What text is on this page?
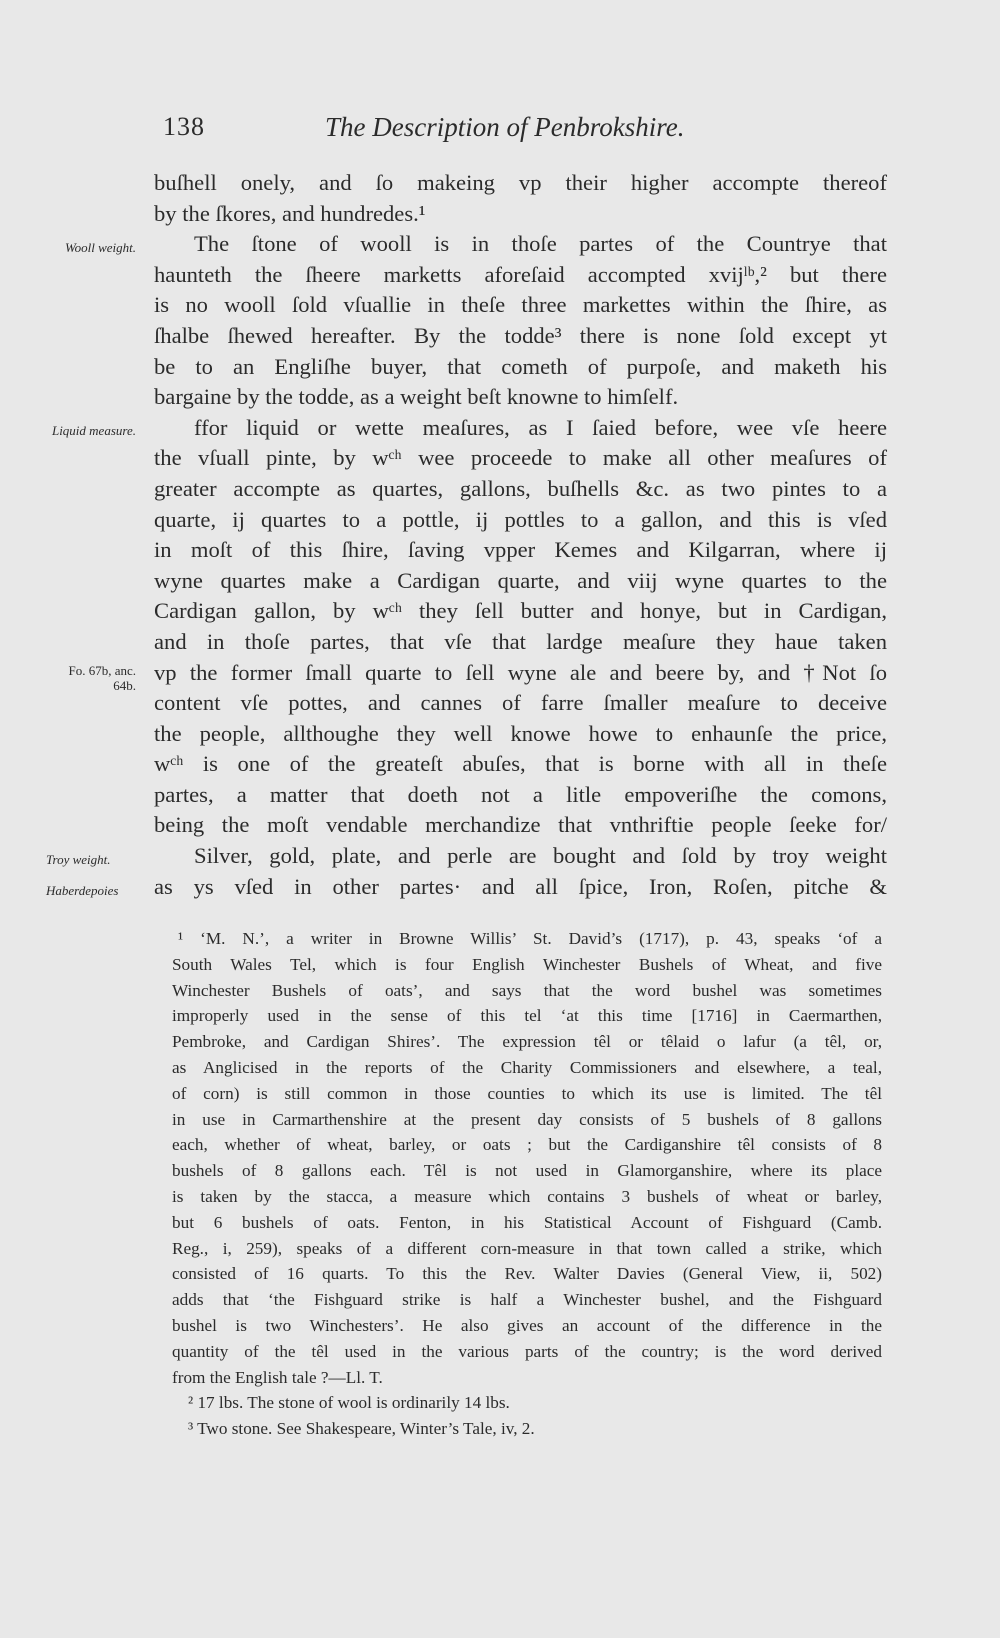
138	The Description of Penbrokshire.
Wooll weight.
Liquid measure.
Fo. 67b, anc. 64b.
Troy weight.
Haberdepoies
buſhell onely, and ſo makeing vp their higher accompte thereof
by the ſkores, and hundredes.¹
The ſtone of wooll is in thoſe partes of the Countrye that
haunteth the ſheere marketts aforeſaid accompted xvijˡᵇ,² but there
is no wooll ſold vſuallie in theſe three markettes within the ſhire, as
ſhalbe ſhewed hereafter. By the todde³ there is none ſold except yt
be to an Engliſhe buyer, that cometh of purpoſe, and maketh his
bargaine by the todde, as a weight beſt knowne to himſelf.
ffor liquid or wette meaſures, as I ſaied before, wee vſe heere
the vſuall pinte, by wᶜʰ wee proceede to make all other meaſures of
greater accompte as quartes, gallons, buſhells &c. as two pintes to a
quarte, ij quartes to a pottle, ij pottles to a gallon, and this is vſed
in moſt of this ſhire, ſaving vpper Kemes and Kilgarran, where ij
wyne quartes make a Cardigan quarte, and viij wyne quartes to the
Cardigan gallon, by wᶜʰ they ſell butter and honye, but in Cardigan,
and in thoſe partes, that vſe that lardge meaſure they haue taken
vp the former ſmall quarte to ſell wyne ale and beere by, and †Not ſo
content vſe pottes, and cannes of farre ſmaller meaſure to deceive
the people, allthoughe they well knowe howe to enhaunſe the price,
wᶜʰ is one of the greateſt abuſes, that is borne with all in theſe
partes, a matter that doeth not a litle empoveriſhe the comons,
being the moſt vendable merchandize that vnthriftie people ſeeke for/
Silver, gold, plate, and perle are bought and ſold by troy weight
as ys vſed in other partes· and all ſpice, Iron, Roſen, pitche &
¹ ‘M. N.’, a writer in Browne Willis’ St. David’s (1717), p. 43, speaks ‘of a
South Wales Tel, which is four English Winchester Bushels of Wheat, and five
Winchester Bushels of oats’, and says that the word bushel was sometimes
improperly used in the sense of this tel ‘at this time [1716] in Caermarthen,
Pembroke, and Cardigan Shires’. The expression têl or têlaid o lafur (a têl, or,
as Anglicised in the reports of the Charity Commissioners and elsewhere, a teal,
of corn) is still common in those counties to which its use is limited. The têl
in use in Carmarthenshire at the present day consists of 5 bushels of 8 gallons
each, whether of wheat, barley, or oats ; but the Cardiganshire têl consists of 8
bushels of 8 gallons each. Têl is not used in Glamorganshire, where its place
is taken by the stacca, a measure which contains 3 bushels of wheat or barley,
but 6 bushels of oats. Fenton, in his Statistical Account of Fishguard (Camb.
Reg., i, 259), speaks of a different corn-measure in that town called a strike, which
consisted of 16 quarts. To this the Rev. Walter Davies (General View, ii, 502)
adds that ‘the Fishguard strike is half a Winchester bushel, and the Fishguard
bushel is two Winchesters’. He also gives an account of the difference in the
quantity of the têl used in the various parts of the country; is the word derived
from the English tale ?—Ll. T.
² 17 lbs. The stone of wool is ordinarily 14 lbs.
³ Two stone. See Shakespeare, Winter’s Tale, iv, 2.
